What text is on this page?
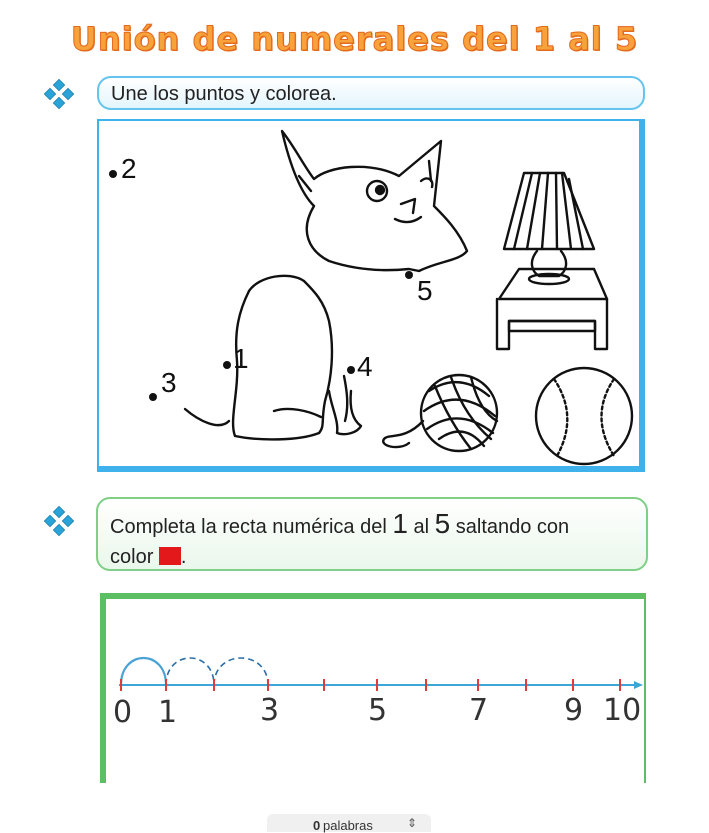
Unión de numerales del 1 al 5
Une los puntos y colorea.
2
5
1	4
3
Completa la recta numérica del 1 al 5 saltando con
color .
0 1	3	5	7	9 10
0 palabras	⇕
